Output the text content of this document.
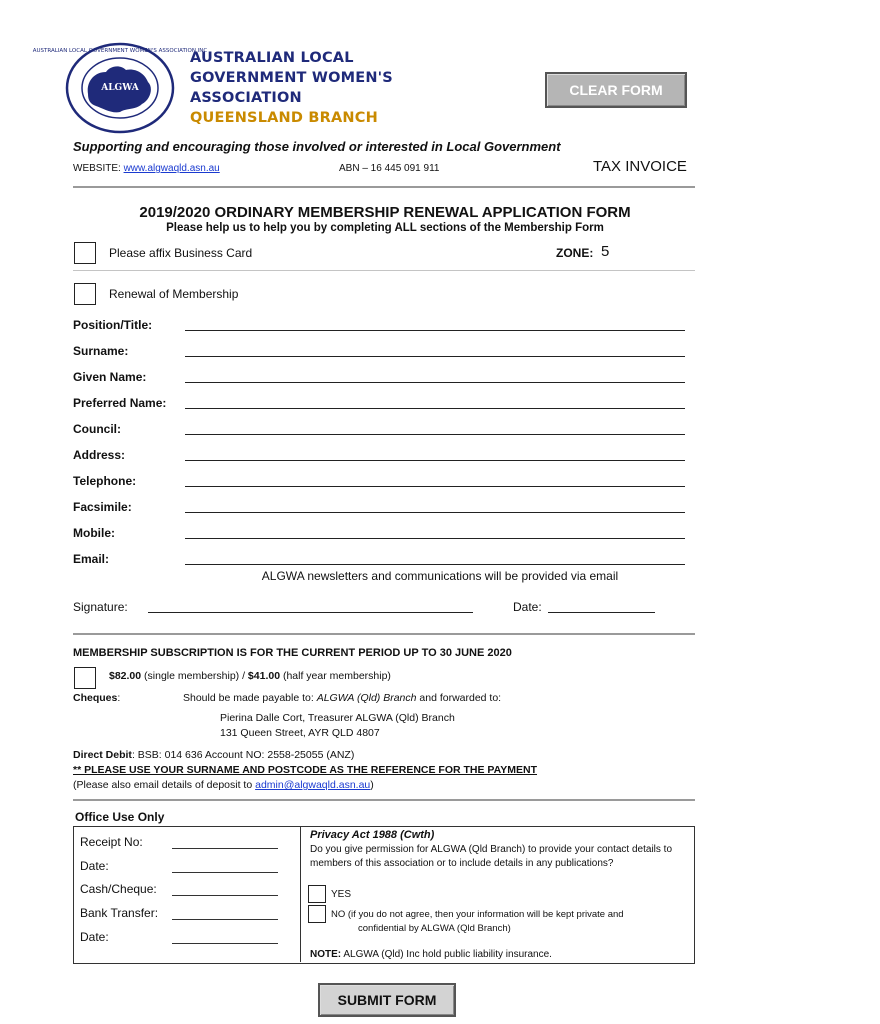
ALGWA
AUSTRALIAN LOCAL GOVERNMENT WOMEN'S ASSOCIATION INC
AUSTRALIAN LOCAL
GOVERNMENT WOMEN'S
ASSOCIATION
QUEENSLAND BRANCH
CLEAR FORM
Supporting and encouraging those involved or interested in Local Government
WEBSITE: www.algwaqld.asn.au	ABN – 16 445 091 911	TAX INVOICE
2019/2020 ORDINARY MEMBERSHIP RENEWAL APPLICATION FORM
Please help us to help you by completing ALL sections of the Membership Form
Please affix Business Card	ZONE: 5
Renewal of Membership
Position/Title:
Surname:
Given Name:
Preferred Name:
Council:
Address:
Telephone:
Facsimile:
Mobile:
Email:
ALGWA newsletters and communications will be provided via email
Signature:	Date:
MEMBERSHIP SUBSCRIPTION IS FOR THE CURRENT PERIOD UP TO 30 JUNE 2020
$82.00 (single membership) / $41.00 (half year membership)
Cheques:	Should be made payable to: ALGWA (Qld) Branch and forwarded to:
Pierina Dalle Cort, Treasurer ALGWA (Qld) Branch
131 Queen Street, AYR QLD 4807
Direct Debit: BSB: 014 636 Account NO: 2558-25055 (ANZ)
** PLEASE USE YOUR SURNAME AND POSTCODE AS THE REFERENCE FOR THE PAYMENT
(Please also email details of deposit to admin@algwaqld.asn.au)
Office Use Only
Receipt No:
Date:
Cash/Cheque:
Bank Transfer:
Date:
Privacy Act 1988 (Cwth)
Do you give permission for ALGWA (Qld Branch) to provide your contact details to members of this association or to include details in any publications?
YES
NO (if you do not agree, then your information will be kept private and
confidential by ALGWA (Qld Branch)
NOTE: ALGWA (Qld) Inc hold public liability insurance.
SUBMIT FORM
